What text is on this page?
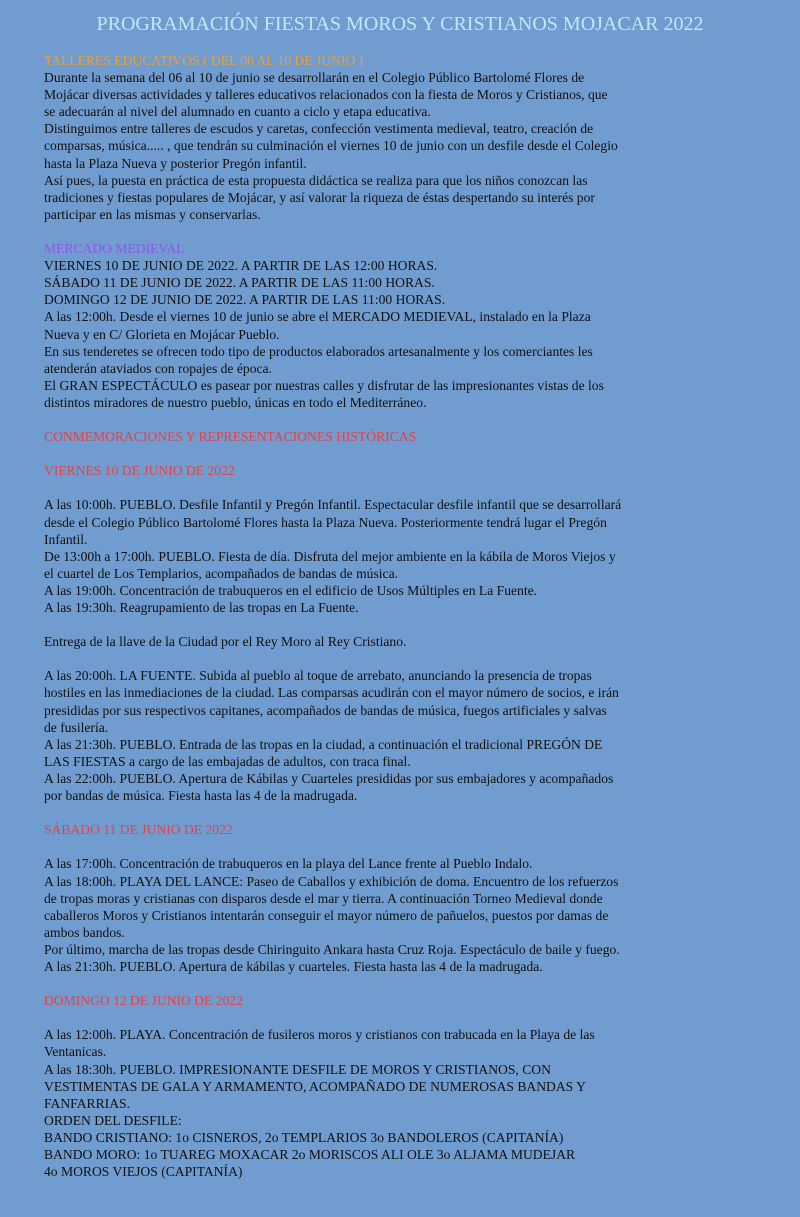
PROGRAMACIÓN FIESTAS MOROS Y CRISTIANOS MOJACAR 2022
TALLERES EDUCATIVOS ( DEL 06 AL 10 DE JUNIO )
Durante la semana del 06 al 10 de junio se desarrollarán en el Colegio Público Bartolomé Flores de
Mojácar diversas actividades y talleres educativos relacionados con la fiesta de Moros y Cristianos, que
se adecuarán al nivel del alumnado en cuanto a ciclo y etapa educativa.
Distinguimos entre talleres de escudos y caretas, confección vestimenta medieval, teatro, creación de
comparsas, música..... , que tendrán su culminación el viernes 10 de junio con un desfile desde el Colegio
hasta la Plaza Nueva y posterior Pregón infantil.
Así pues, la puesta en práctica de esta propuesta didáctica se realiza para que los niños conozcan las
tradiciones y fiestas populares de Mojácar, y así valorar la riqueza de éstas despertando su interés por
participar en las mismas y conservarlas.
MERCADO MEDIEVAL
VIERNES 10 DE JUNIO DE 2022. A PARTIR DE LAS 12:00 HORAS.
SÁBADO 11 DE JUNIO DE 2022. A PARTIR DE LAS 11:00 HORAS.
DOMINGO 12 DE JUNIO DE 2022. A PARTIR DE LAS 11:00 HORAS.
A las 12:00h. Desde el viernes 10 de junio se abre el MERCADO MEDIEVAL, instalado en la Plaza
Nueva y en C/ Glorieta en Mojácar Pueblo.
En sus tenderetes se ofrecen todo tipo de productos elaborados artesanalmente y los comerciantes les
atenderán ataviados con ropajes de época.
El GRAN ESPECTÁCULO es pasear por nuestras calles y disfrutar de las impresionantes vistas de los
distintos miradores de nuestro pueblo, únicas en todo el Mediterráneo.
CONMEMORACIONES Y REPRESENTACIONES HISTÓRICAS
VIERNES 10 DE JUNIO DE 2022
A las 10:00h. PUEBLO. Desfile Infantil y Pregón Infantil. Espectacular desfile infantil que se desarrollará
desde el Colegio Público Bartolomé Flores hasta la Plaza Nueva. Posteriormente tendrá lugar el Pregón
Infantil.
De 13:00h a 17:00h. PUEBLO. Fiesta de día. Disfruta del mejor ambiente en la kábila de Moros Viejos y
el cuartel de Los Templarios, acompañados de bandas de música.
A las 19:00h. Concentración de trabuqueros en el edificio de Usos Múltiples en La Fuente.
A las 19:30h. Reagrupamiento de las tropas en La Fuente.
Entrega de la llave de la Ciudad por el Rey Moro al Rey Cristiano.
A las 20:00h. LA FUENTE. Subida al pueblo al toque de arrebato, anunciando la presencia de tropas
hostiles en las inmediaciones de la ciudad. Las comparsas acudirán con el mayor número de socios, e irán
presididas por sus respectivos capitanes, acompañados de bandas de música, fuegos artificiales y salvas
de fusilería.
A las 21:30h. PUEBLO. Entrada de las tropas en la ciudad, a continuación el tradicional PREGÓN DE
LAS FIESTAS a cargo de las embajadas de adultos, con traca final.
A las 22:00h. PUEBLO. Apertura de Kábilas y Cuarteles presididas por sus embajadores y acompañados
por bandas de música. Fiesta hasta las 4 de la madrugada.
SÁBADO 11 DE JUNIO DE 2022
A las 17:00h. Concentración de trabuqueros en la playa del Lance frente al Pueblo Indalo.
A las 18:00h. PLAYA DEL LANCE: Paseo de Caballos y exhibición de doma. Encuentro de los refuerzos
de tropas moras y cristianas con disparos desde el mar y tierra. A continuación Torneo Medieval donde
caballeros Moros y Cristianos intentarán conseguir el mayor número de pañuelos, puestos por damas de
ambos bandos.
Por último, marcha de las tropas desde Chiringuito Ankara hasta Cruz Roja. Espectáculo de baile y fuego.
A las 21:30h. PUEBLO. Apertura de kábilas y cuarteles. Fiesta hasta las 4 de la madrugada.
DOMINGO 12 DE JUNIO DE 2022
A las 12:00h. PLAYA. Concentración de fusileros moros y cristianos con trabucada en la Playa de las
Ventanicas.
A las 18:30h. PUEBLO. IMPRESIONANTE DESFILE DE MOROS Y CRISTIANOS, CON
VESTIMENTAS DE GALA Y ARMAMENTO, ACOMPAÑADO DE NUMEROSAS BANDAS Y
FANFARRIAS.
ORDEN DEL DESFILE:
BANDO CRISTIANO: 1o CISNEROS, 2o TEMPLARIOS 3o BANDOLEROS (CAPITANÍA)
BANDO MORO: 1o TUAREG MOXACAR 2o MORISCOS ALI OLE 3o ALJAMA MUDEJAR
4o MOROS VIEJOS (CAPITANÍA)
